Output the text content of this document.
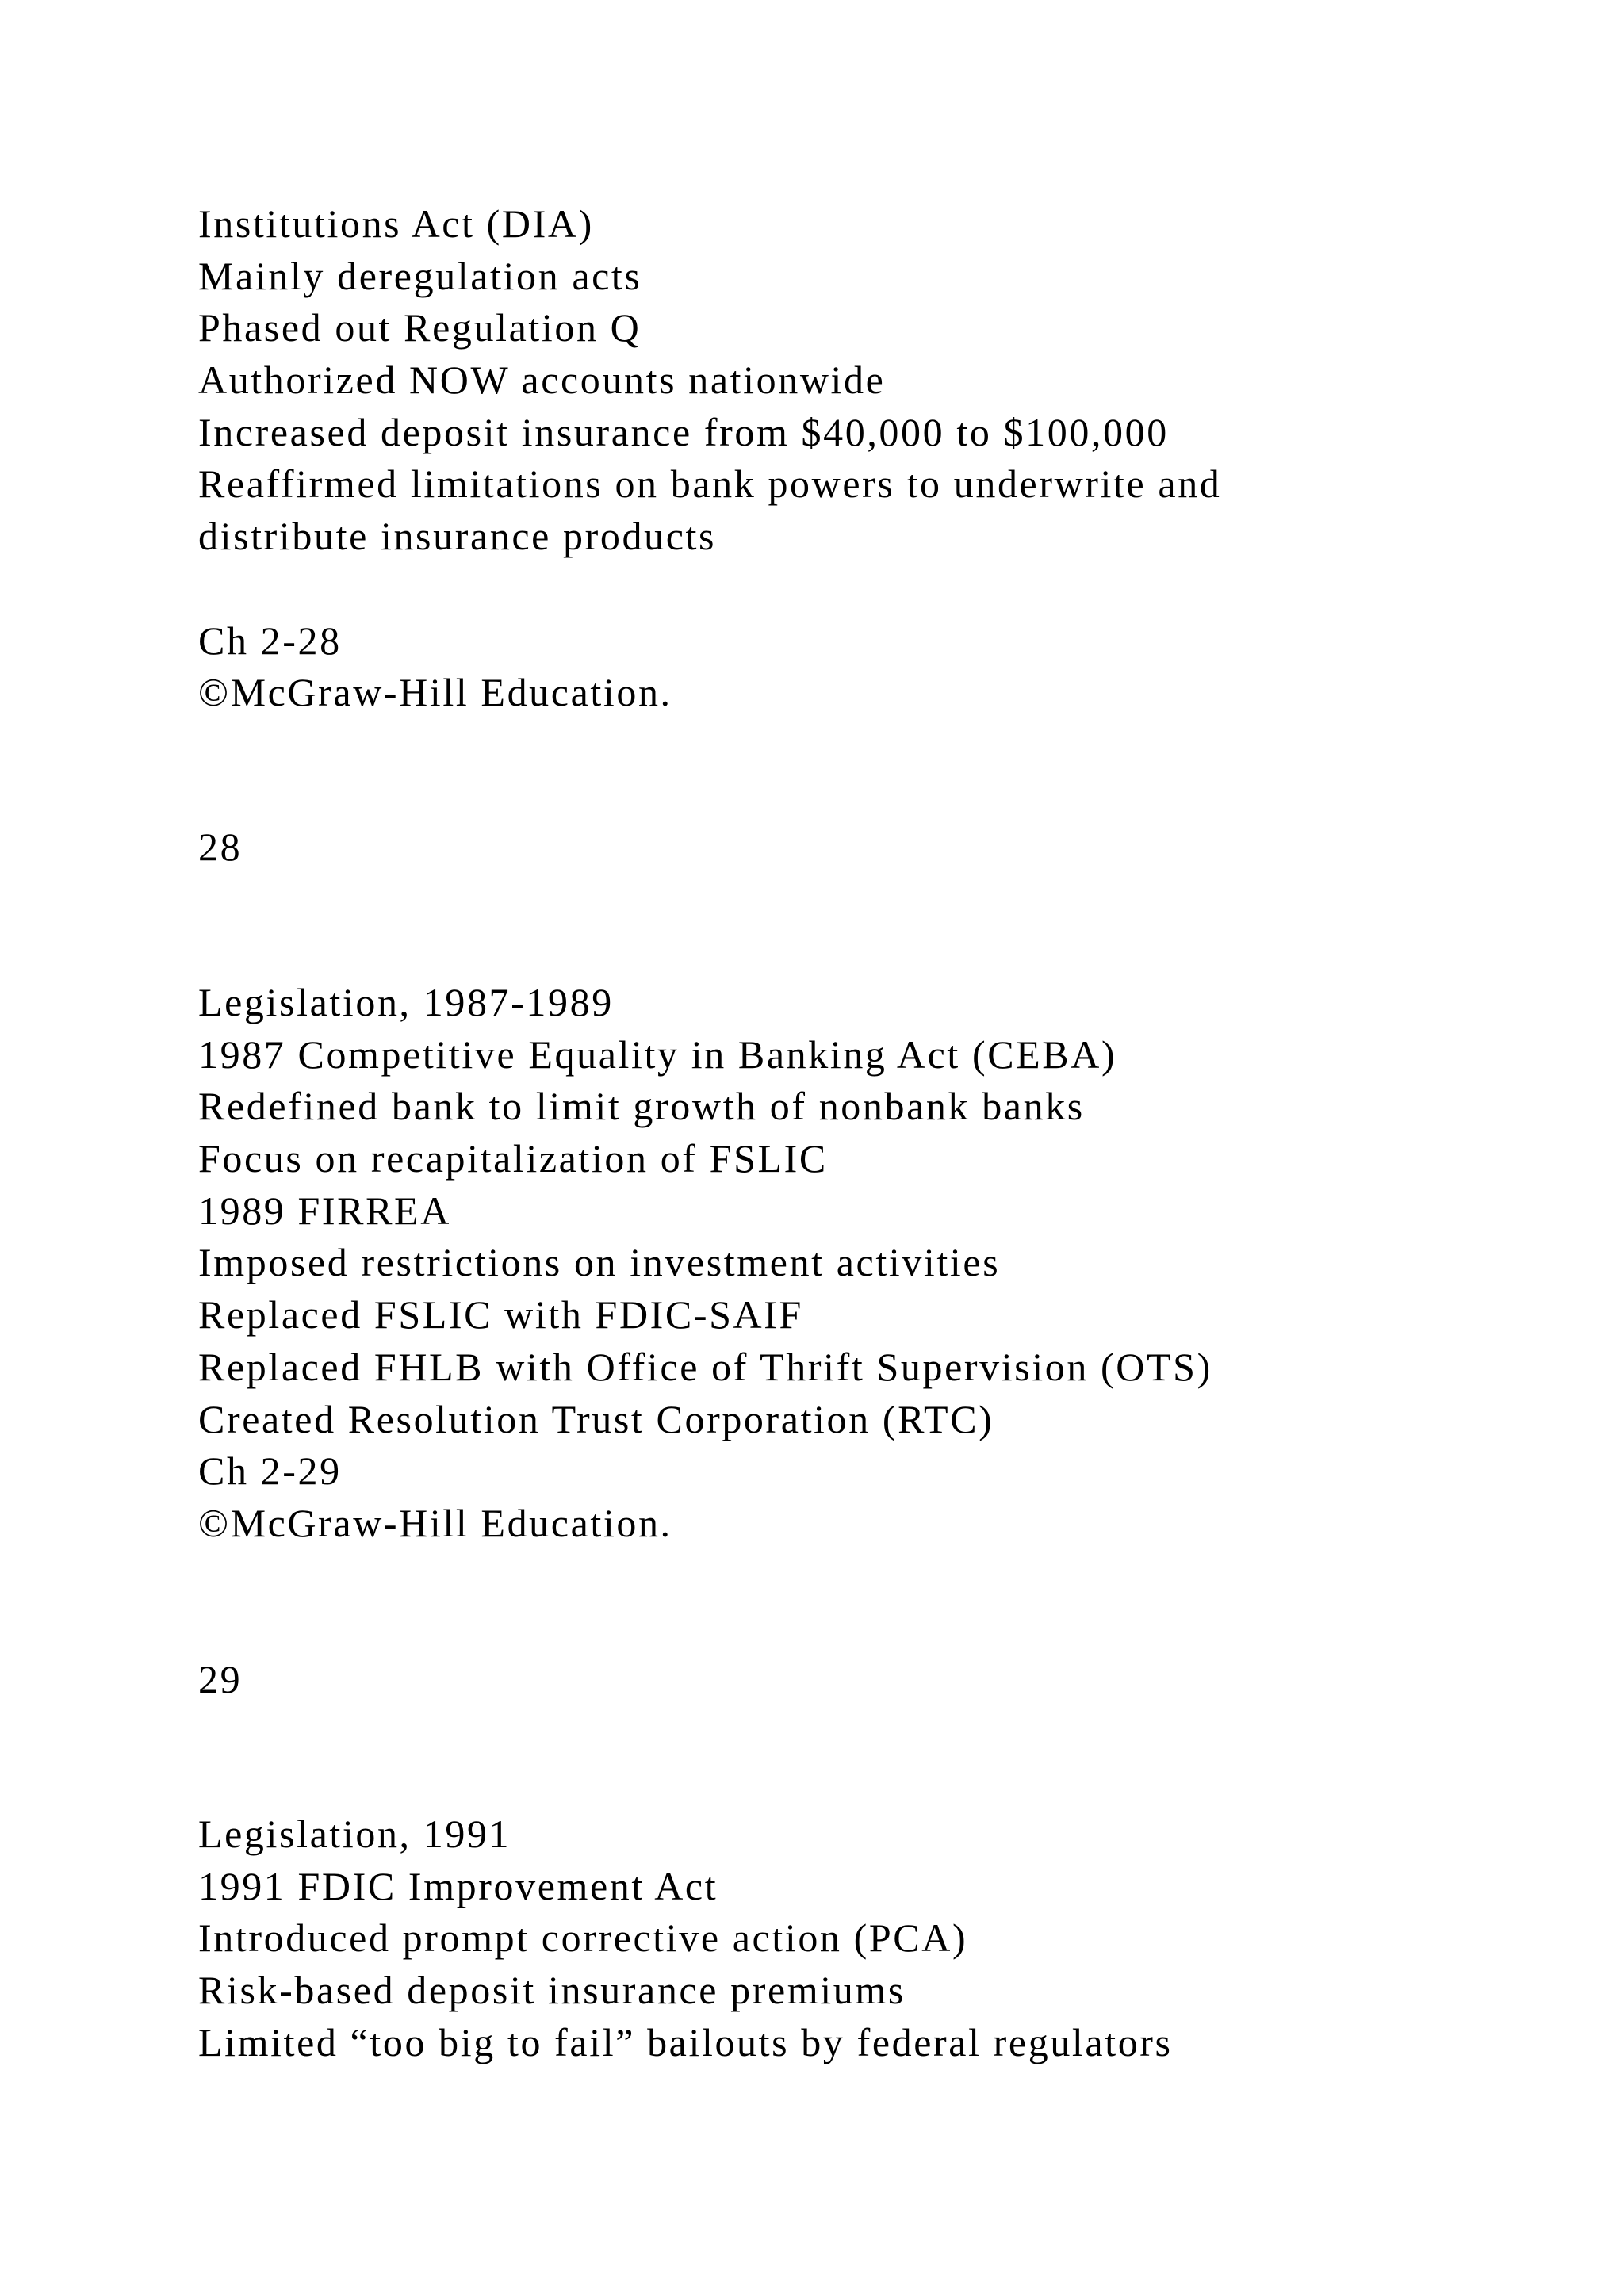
Institutions Act (DIA)
Mainly deregulation acts
Phased out Regulation Q
Authorized NOW accounts nationwide
Increased deposit insurance from $40,000 to $100,000
Reaffirmed limitations on bank powers to underwrite and
distribute insurance products
Ch 2-28
©McGraw-Hill Education.
28
Legislation, 1987-1989
1987 Competitive Equality in Banking Act (CEBA)
Redefined bank to limit growth of nonbank banks
Focus on recapitalization of FSLIC
1989 FIRREA
Imposed restrictions on investment activities
Replaced FSLIC with FDIC-SAIF
Replaced FHLB with Office of Thrift Supervision (OTS)
Created Resolution Trust Corporation (RTC)
Ch 2-29
©McGraw-Hill Education.
29
Legislation, 1991
1991 FDIC Improvement Act
Introduced prompt corrective action (PCA)
Risk-based deposit insurance premiums
Limited “too big to fail” bailouts by federal regulators
